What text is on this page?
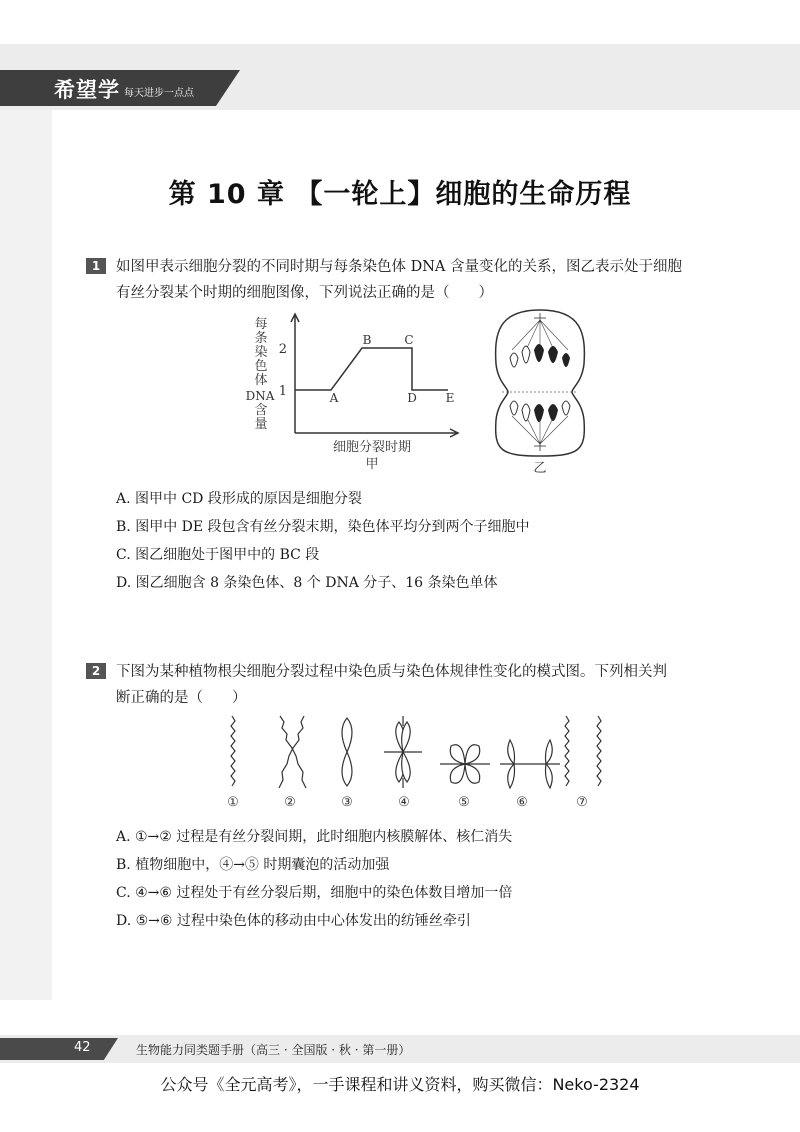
希望学 每天进步一点点
第 10 章 【一轮上】细胞的生命历程
1	如图甲表示细胞分裂的不同时期与每条染色体 DNA 含量变化的关系，图乙表示处于细胞
有丝分裂某个时期的细胞图像，下列说法正确的是（　　）
每
条
染
色
体
DNA
含
量
2
1	A
B	C
D E
细胞分裂时期
甲	乙
A. 图甲中 CD 段形成的原因是细胞分裂
B. 图甲中 DE 段包含有丝分裂末期，染色体平均分到两个子细胞中
C. 图乙细胞处于图甲中的 BC 段
D. 图乙细胞含 8 条染色体、8 个 DNA 分子、16 条染色单体
2	下图为某种植物根尖细胞分裂过程中染色质与染色体规律性变化的模式图。下列相关判
断正确的是（　　）
①	②	③	④	⑤	⑥	⑦
A. ①→② 过程是有丝分裂间期，此时细胞内核膜解体、核仁消失
B. 植物细胞中，④→⑤ 时期囊泡的活动加强
C. ④→⑥ 过程处于有丝分裂后期，细胞中的染色体数目增加一倍
D. ⑤→⑥ 过程中染色体的移动由中心体发出的纺锤丝牵引
42	生物能力同类题手册（高三 · 全国版 · 秋 · 第一册）
公众号《全元高考》，一手课程和讲义资料，购买微信：Neko-2324
